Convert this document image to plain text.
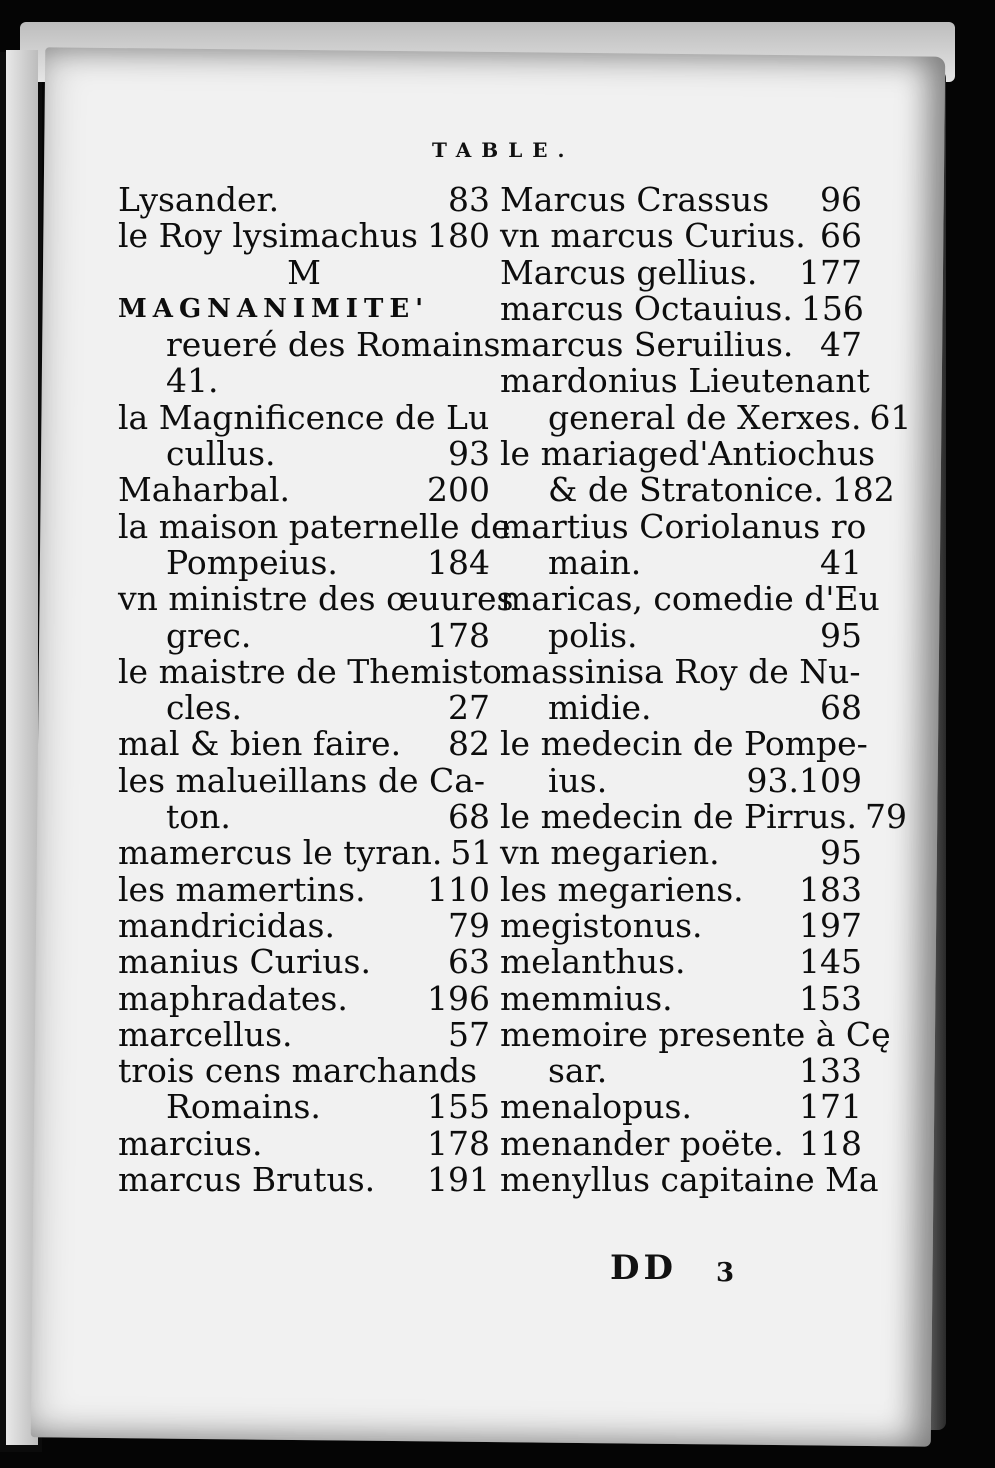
TABLE.
Lysander.	83
le Roy lysimachus 180
M
MAGNANIMITE'
reueré des Romains
41.
la Magnificence de Lu
cullus.	93
Maharbal.	200
la maison paternelle de
Pompeius.	184
vn ministre des œuures
grec.	178
le maistre de Themisto
cles.	27
mal & bien faire. 82
les malueillans de Ca-
ton.	68
mamercus le tyran. 51
les mamertins. 110
mandricidas.	79
manius Curius. 63
maphradates. 196
marcellus.	57
trois cens marchands
Romains.	155
marcius.	178
marcus Brutus. 191
Marcus Crassus 96
vn marcus Curius. 66
Marcus gellius. 177
marcus Octauius. 156
marcus Seruilius. 47
mardonius Lieutenant
general de Xerxes. 61
le mariaged'Antiochus
& de Stratonice. 182
martius Coriolanus ro
main.	41
maricas, comedie d'Eu
polis.	95
massinisa Roy de Nu-
midie.	68
le medecin de Pompe-
ius.	93.109
le medecin de Pirrus. 79
vn megarien.	95
les megariens. 183
megistonus.	197
melanthus.	145
memmius.	153
memoire presente à Cę
sar.	133
menalopus.	171
menander poëte. 118
menyllus capitaine Ma
DD 3
